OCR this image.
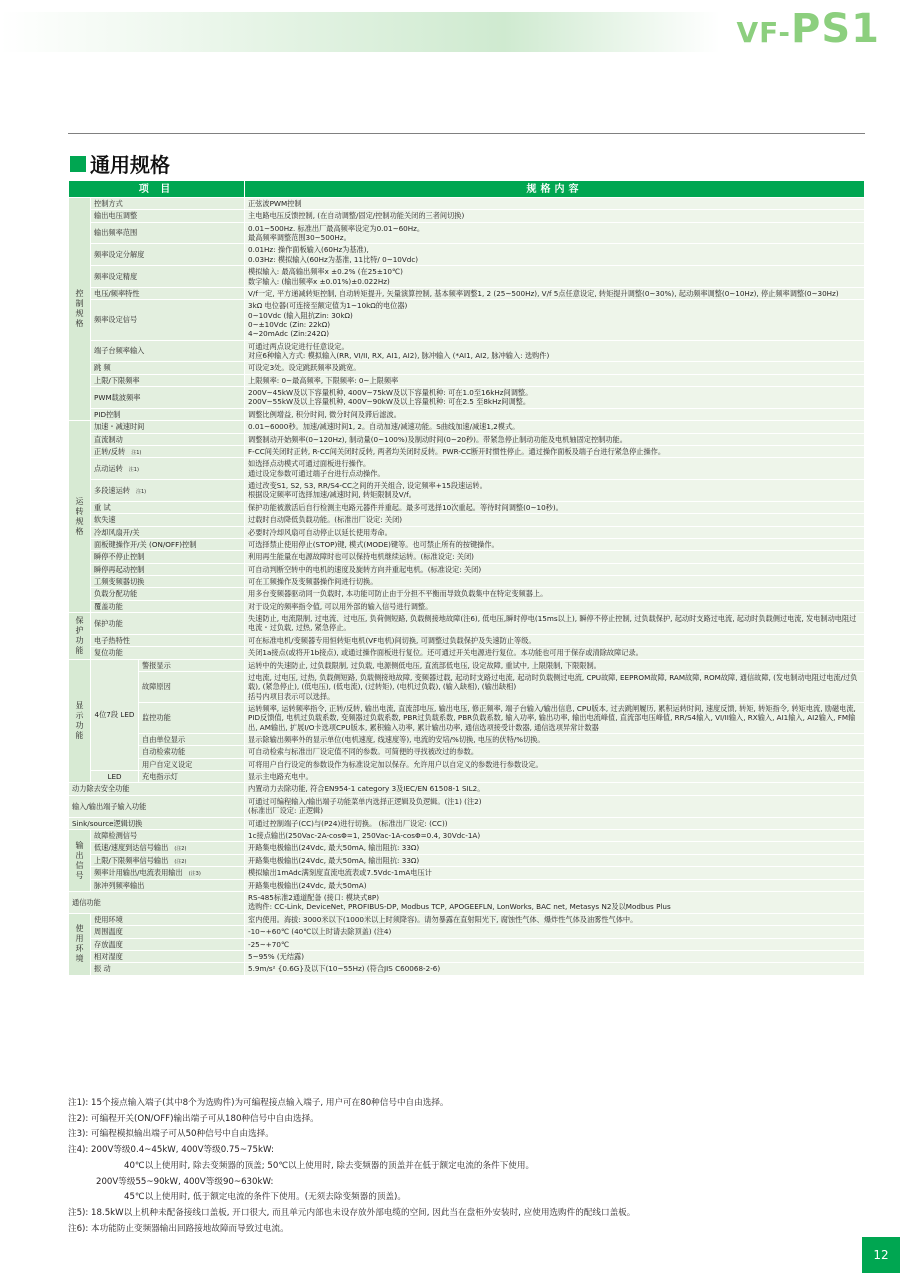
VF-PS1
通用规格
项 目			规格内容

控
制
规
格	控制方式		正弦波PWM控制

	输出电压调整		主电路电压反馈控制, (在自动调整/固定/控制功能关闭的三者间切换)

	输出频率范围		0.01~500Hz. 标准出厂最高频率设定为0.01~60Hz。
最高频率调整范围30~500Hz。

	频率设定分解度		0.01Hz: 操作面板输入(60Hz为基准),
0.03Hz: 模拟输入(60Hz为基准, 11比特/ 0~10Vdc)

	频率设定精度		模拟输入: 最高输出频率x ±0.2% (在25±10℃)
数字输入: (输出频率x ±0.01%)±0.022Hz)

	电压/频率特性		V/f一定, 平方递减转矩控制, 自动转矩提升, 矢量演算控制, 基本频率调整1, 2 (25~500Hz), V/f 5点任意设定, 转矩提升调整(0~30%), 起动频率调整(0~10Hz), 停止频率调整(0~30Hz)

	频率设定信号		3kΩ 电位器(可连接至额定值为1~10kΩ的电位器)
0~10Vdc (输入阻抗Zin: 30kΩ)
0~±10Vdc (Zin: 22kΩ)
4~20mAdc (Zin:242Ω)

	端子台频率输入		可通过两点设定进行任意设定。
对应6种输入方式: 模拟输入(RR, VI/II, RX, AI1, AI2), 脉冲输入 (*AI1, AI2, 脉冲输入: 选购件)

	跳 频		可设定3处。设定跳跃频率及跳宽。

	上限/下限频率		上限频率: 0~最高频率, 下限频率: 0~上限频率

	PWM载波频率		200V~45kW及以下容量机种, 400V~75kW及以下容量机种: 可在1.0至16kHz间调整。
200V~55kW及以上容量机种, 400V~90kW及以上容量机种: 可在2.5 至8kHz间调整。

	PID控制		调整比例增益, 积分时间, 微分时间及滞后滤波。

运
转
规
格	加速・减速时间		0.01~6000秒。加速/减速时间1, 2。自动加速/减速功能。S曲线加速/减速1,2模式。

	直流制动		调整制动开始频率(0~120Hz), 制动量(0~100%)及制动时间(0~20秒)。带紧急停止制动功能及电机轴固定控制功能。

	正转/反转 注1)		F-CC间关闭时正转, R-CC间关闭时反转, 两者均关闭时反转。PWR-CC断开时惯性停止。通过操作面板及端子台进行紧急停止操作。

	点动运转 注1)		如选择点动模式可通过面板进行操作。
通过设定参数可通过端子台进行点动操作。

	多段速运转 注1)		通过改变S1, S2, S3, RR/S4-CC之间的开关组合, 设定频率+15段速运转。
根据设定频率可选择加速/减速时间, 转矩限制及V/f。

	重 试		保护功能被激活后自行检测主电路元器件并重起。最多可选择10次重起。等待时间调整(0~10秒)。

	软失速		过载时自动降低负载功能。(标准出厂设定: 关闭)

	冷却风扇开/关		必要时冷却风扇可自动停止以延长使用寿命。

	面板键操作开/关 (ON/OFF)控制		可选择禁止使用停止(STOP)键, 模式(MODE)键等。也可禁止所有的按键操作。

	瞬停不停止控制		利用再生能量在电源故障时也可以保持电机继续运转。(标准设定: 关闭)

	瞬停再起动控制		可自动判断空转中的电机的速度及旋转方向并重起电机。(标准设定: 关闭)

	工频变频器切换		可在工频操作及变频器操作间进行切换。

	负载分配功能		用多台变频器驱动同一负载时, 本功能可防止由于分担不平衡而导致负载集中在特定变频器上。

	覆盖功能		对于设定的频率指令值, 可以用外部的输入信号进行调整。

保
护
功
能	保护功能		失速防止, 电流限制, 过电流、过电压, 负荷侧短路, 负载侧接地故障(注6), 低电压,瞬时停电(15ms以上), 瞬停不停止控制, 过负载保护, 起动时支路过电流, 起动时负载侧过电流, 发电制动电阻过电流・过负载, 过热, 紧急停止。

	电子热特性		可在标准电机/变频器专用恒转矩电机(VF电机)间切换, 可调整过负载保护及失速防止等级。

	复位功能		关闭1a接点(或将开1b接点), 或通过操作面板进行复位。还可通过开关电源进行复位。本功能也可用于保存或清除故障记录。

显
示
功
能	4位7段 LED	警报显示	运转中的失速防止, 过负载限制, 过负载, 电源侧低电压, 直流部低电压, 设定故障, 重试中, 上限限制, 下限限制。

		故障原因	过电流, 过电压, 过热, 负载侧短路, 负载侧接地故障, 变频器过载, 起动时支路过电流, 起动时负载侧过电流, CPU故障, EEPROM故障, RAM故障, ROM故障, 通信故障, (发电制动电阻过电流/过负载), (紧急停止), (低电压), (低电流), (过转矩), (电机过负载), (输入缺相), (输出缺相)
括号内项目表示可以选择。

		监控功能	运转频率, 运转频率指令, 正转/反转, 输出电流, 直流部电压, 输出电压, 修正频率, 端子台输入/输出信息, CPU版本, 过去跳闸履历, 累积运转时间, 速度反馈, 转矩, 转矩指令, 转矩电流, 励磁电流, PID反馈值, 电机过负载系数, 变频器过负载系数, PBR过负载系数, PBR负载系数, 输入功率, 输出功率, 输出电流峰值, 直流部电压峰值, RR/S4输入, VI/II输入, RX输入, AI1输入, AI2输入, FM输出, AM输出, 扩展I/O卡选项CPU版本, 累积输入功率, 累计输出功率, 通信选项接受计数器, 通信选项异常计数器

		自由单位显示	显示除输出频率外的显示单位(电机速度, 线速度等), 电流的安培/%切换, 电压的伏特/%切换。

		自动检索功能	可自动检索与标准出厂设定值不同的参数。可简便的寻找被改过的参数。

		用户自定义设定	可将用户自行设定的参数设作为标准设定加以保存。允许用户以自定义的参数进行参数设定。

	LED	充电指示灯	显示主电路充电中。

动力除去安全功能			内置动力去除功能, 符合EN954-1 category 3及IEC/EN 61508-1 SIL2。

输入/输出端子输入功能			可通过可编程输入/输出端子功能菜单内选择正逻辑及负逻辑。(注1) (注2)
(标准出厂设定: 正逻辑)

Sink/source逻辑切换			可通过控制端子(CC)与(P24)进行切换。 (标准出厂设定: (CC))

输
出
信
号	故障检测信号		1c接点输出(250Vac-2A-cosΦ=1, 250Vac-1A-cosΦ=0.4, 30Vdc-1A)

	低速/速度到达信号输出 (注2)		开路集电极输出(24Vdc, 最大50mA, 输出阻抗: 33Ω)

	上限/下限频率信号输出 (注2)		开路集电极输出(24Vdc, 最大50mA, 输出阻抗: 33Ω)

	频率计用输出/电流表用输出 (注3)		模拟输出1mAdc满刻度直流电流表或7.5Vdc-1mA电压计

	脉冲列频率输出		开路集电极输出(24Vdc, 最大50mA)

通信功能			RS-485标准2通道配备 (接口: 模块式8P)
选购件: CC-Link, DeviceNet, PROFIBUS-DP, Modbus TCP, APOGEEFLN, LonWorks, BAC net, Metasys N2及以Modbus Plus

使
用
环
境	使用环境		室内使用。海拔: 3000米以下(1000米以上时须降容)。请勿暴露在直射阳光下, 腐蚀性气体、爆炸性气体及油雾性气体中。

	周围温度		-10~+60℃ (40℃以上时请去除顶盖) (注4)

	存放温度		-25~+70℃

	相对湿度		5~95% (无结露)

	振 动		5.9m/s² {0.6G}及以下(10~55Hz) (符合JIS C60068-2-6)
注1): 15个接点输入端子(其中8个为选购件)为可编程接点输入端子, 用户可在80种信号中自由选择。
注2): 可编程开关(ON/OFF)输出端子可从180种信号中自由选择。
注3): 可编程模拟输出端子可从50种信号中自由选择。
注4): 200V等级0.4~45kW, 400V等级0.75~75kW:
40℃以上使用时, 除去变频器的顶盖; 50℃以上使用时, 除去变频器的顶盖并在低于额定电流的条件下使用。
200V等级55~90kW, 400V等级90~630kW:
45℃以上使用时, 低于额定电流的条件下使用。(无须去除变频器的顶盖)。
注5): 18.5kW以上机种未配备接线口盖板, 开口很大, 而且单元内部也未设存放外部电缆的空间, 因此当在盘柜外安装时, 应使用选购件的配线口盖板。
注6): 本功能防止变频器输出回路接地故障而导致过电流。
12
